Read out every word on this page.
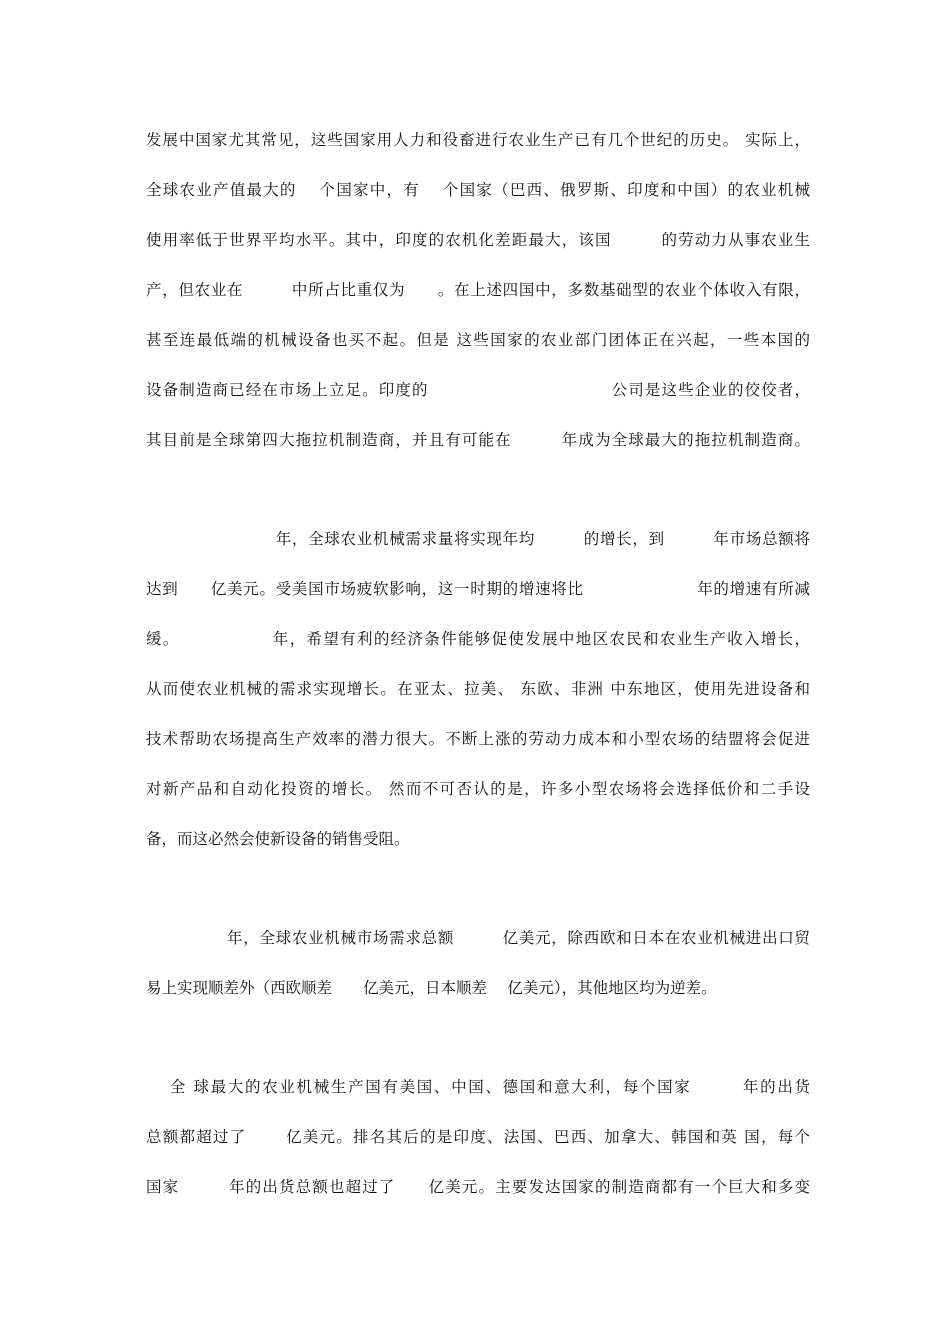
发展中国家尤其常见，这些国家用人力和役畜进行农业生产已有几个世纪的历史。 实际上，
全球农业产值最大的　 个国家中，有　 个国家（巴西、俄罗斯、印度和中国）的农业机械
使用率低于世界平均水平。其中，印度的农机化差距最大，该国　　　的劳动力从事农业生
产，但农业在　　　中所占比重仅为　　。在上述四国中，多数基础型的农业个体收入有限，
甚至连最低端的机械设备也买不起。但是 这些国家的农业部门团体正在兴起，一些本国的
设备制造商已经在市场上立足。印度的　　　　　　　　　　　公司是这些企业的佼佼者，
其目前是全球第四大拖拉机制造商，并且有可能在　　　年成为全球最大的拖拉机制造商。
　　　　　　　　年，全球农业机械需求量将实现年均　　　的增长，到　　　年市场总额将
达到　　亿美元。受美国市场疲软影响，这一时期的增速将比　　　　　　　年的增速有所减
缓。　　　　　　年，希望有利的经济条件能够促使发展中地区农民和农业生产收入增长，
从而使农业机械的需求实现增长。在亚太、拉美、 东欧、非洲 中东地区，使用先进设备和
技术帮助农场提高生产效率的潜力很大。不断上涨的劳动力成本和小型农场的结盟将会促进
对新产品和自动化投资的增长。 然而不可否认的是，许多小型农场将会选择低价和二手设
备，而这必然会使新设备的销售受阻。
　　　　　年，全球农业机械市场需求总额　　　亿美元，除西欧和日本在农业机械进出口贸
易上实现顺差外（西欧顺差　　亿美元，日本顺差　 亿美元），其他地区均为逆差。
　 全 球最大的农业机械生产国有美国、中国、德国和意大利，每个国家　　　年的出货
总额都超过了　　 亿美元。排名其后的是印度、法国、巴西、加拿大、韩国和英 国，每个
国家　　　年的出货总额也超过了　　亿美元。主要发达国家的制造商都有一个巨大和多变
